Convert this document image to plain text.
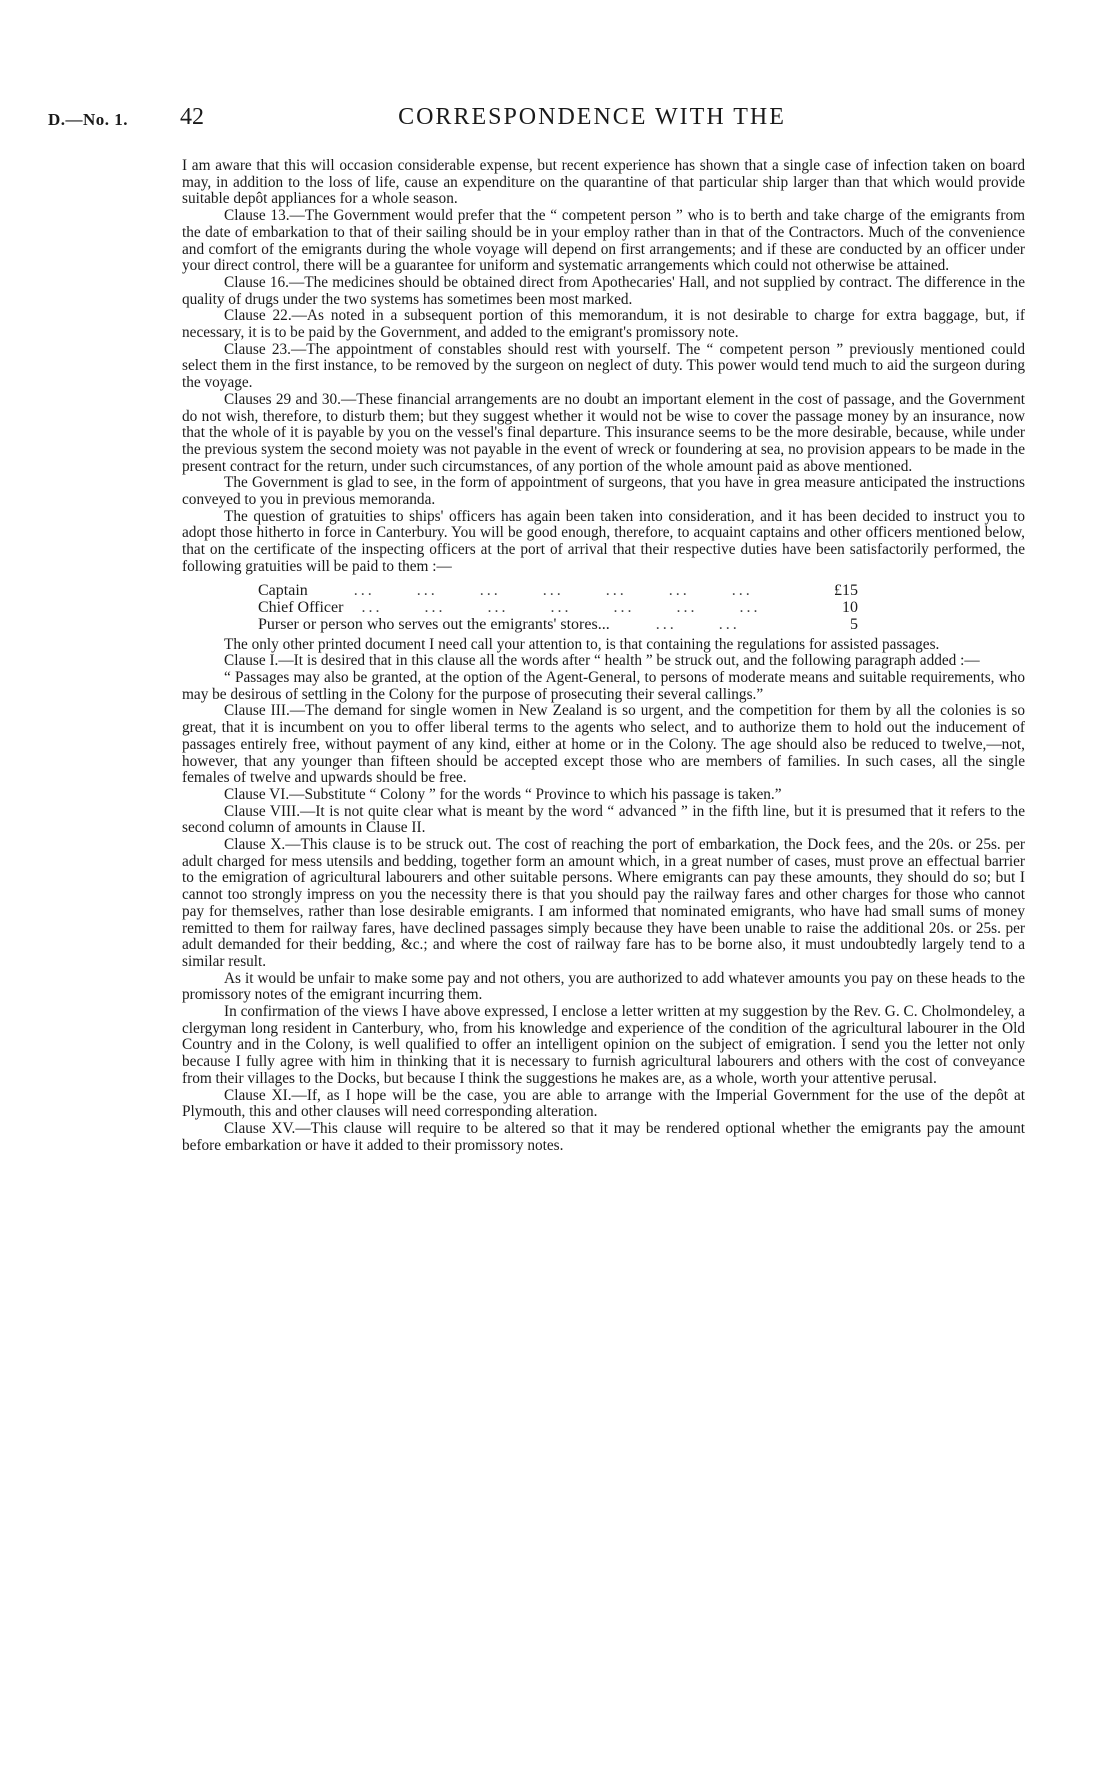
D.—No. 1. 42	CORRESPONDENCE WITH THE

I am aware that this will occasion considerable expense, but recent experience has shown that a single case of infection taken on board may, in addition to the loss of life, cause an expenditure on the quarantine of that particular ship larger than that which would provide suitable depôt appliances for a whole season.

Clause 13.—The Government would prefer that the “ competent person ” who is to berth and take charge of the emigrants from the date of embarkation to that of their sailing should be in your employ rather than in that of the Contractors. Much of the convenience and comfort of the emigrants during the whole voyage will depend on first arrangements; and if these are conducted by an officer under your direct control, there will be a guarantee for uniform and systematic arrangements which could not otherwise be attained.

Clause 16.—The medicines should be obtained direct from Apothecaries' Hall, and not supplied by contract. The difference in the quality of drugs under the two systems has sometimes been most marked.

Clause 22.—As noted in a subsequent portion of this memorandum, it is not desirable to charge for extra baggage, but, if necessary, it is to be paid by the Government, and added to the emigrant's promissory note.

Clause 23.—The appointment of constables should rest with yourself. The “ competent person ” previously mentioned could select them in the first instance, to be removed by the surgeon on neglect of duty. This power would tend much to aid the surgeon during the voyage.

Clauses 29 and 30.—These financial arrangements are no doubt an important element in the cost of passage, and the Government do not wish, therefore, to disturb them; but they suggest whether it would not be wise to cover the passage money by an insurance, now that the whole of it is payable by you on the vessel's final departure. This insurance seems to be the more desirable, because, while under the previous system the second moiety was not payable in the event of wreck or foundering at sea, no provision appears to be made in the present contract for the return, under such circumstances, of any portion of the whole amount paid as above mentioned.

The Government is glad to see, in the form of appointment of surgeons, that you have in grea measure anticipated the instructions conveyed to you in previous memoranda.

The question of gratuities to ships' officers has again been taken into consideration, and it has been decided to instruct you to adopt those hitherto in force in Canterbury. You will be good enough, therefore, to acquaint captains and other officers mentioned below, that on the certificate of the inspecting officers at the port of arrival that their respective duties have been satisfactorily performed, the following gratuities will be paid to them :—

Captain       ...      ...      ...      ...      ...      ...      ...	£15
Chief Officer   ...      ...      ...      ...      ...      ...      ...	10
Purser or person who serves out the emigrants' stores...       ...      ...	5

The only other printed document I need call your attention to, is that containing the regulations for assisted passages.

Clause I.—It is desired that in this clause all the words after “ health ” be struck out, and the following paragraph added :—

“ Passages may also be granted, at the option of the Agent-General, to persons of moderate means and suitable requirements, who may be desirous of settling in the Colony for the purpose of prosecuting their several callings.”

Clause III.—The demand for single women in New Zealand is so urgent, and the competition for them by all the colonies is so great, that it is incumbent on you to offer liberal terms to the agents who select, and to authorize them to hold out the inducement of passages entirely free, without payment of any kind, either at home or in the Colony. The age should also be reduced to twelve,—not, however, that any younger than fifteen should be accepted except those who are members of families. In such cases, all the single females of twelve and upwards should be free.

Clause VI.—Substitute “ Colony ” for the words “ Province to which his passage is taken.”

Clause VIII.—It is not quite clear what is meant by the word “ advanced ” in the fifth line, but it is presumed that it refers to the second column of amounts in Clause II.

Clause X.—This clause is to be struck out. The cost of reaching the port of embarkation, the Dock fees, and the 20s. or 25s. per adult charged for mess utensils and bedding, together form an amount which, in a great number of cases, must prove an effectual barrier to the emigration of agricultural labourers and other suitable persons. Where emigrants can pay these amounts, they should do so; but I cannot too strongly impress on you the necessity there is that you should pay the railway fares and other charges for those who cannot pay for themselves, rather than lose desirable emigrants. I am informed that nominated emigrants, who have had small sums of money remitted to them for railway fares, have declined passages simply because they have been unable to raise the additional 20s. or 25s. per adult demanded for their bedding, &c.; and where the cost of railway fare has to be borne also, it must undoubtedly largely tend to a similar result.

As it would be unfair to make some pay and not others, you are authorized to add whatever amounts you pay on these heads to the promissory notes of the emigrant incurring them.

In confirmation of the views I have above expressed, I enclose a letter written at my suggestion by the Rev. G. C. Cholmondeley, a clergyman long resident in Canterbury, who, from his knowledge and experience of the condition of the agricultural labourer in the Old Country and in the Colony, is well qualified to offer an intelligent opinion on the subject of emigration. I send you the letter not only because I fully agree with him in thinking that it is necessary to furnish agricultural labourers and others with the cost of conveyance from their villages to the Docks, but because I think the suggestions he makes are, as a whole, worth your attentive perusal.

Clause XI.—If, as I hope will be the case, you are able to arrange with the Imperial Government for the use of the depôt at Plymouth, this and other clauses will need corresponding alteration.

Clause XV.—This clause will require to be altered so that it may be rendered optional whether the emigrants pay the amount before embarkation or have it added to their promissory notes.
